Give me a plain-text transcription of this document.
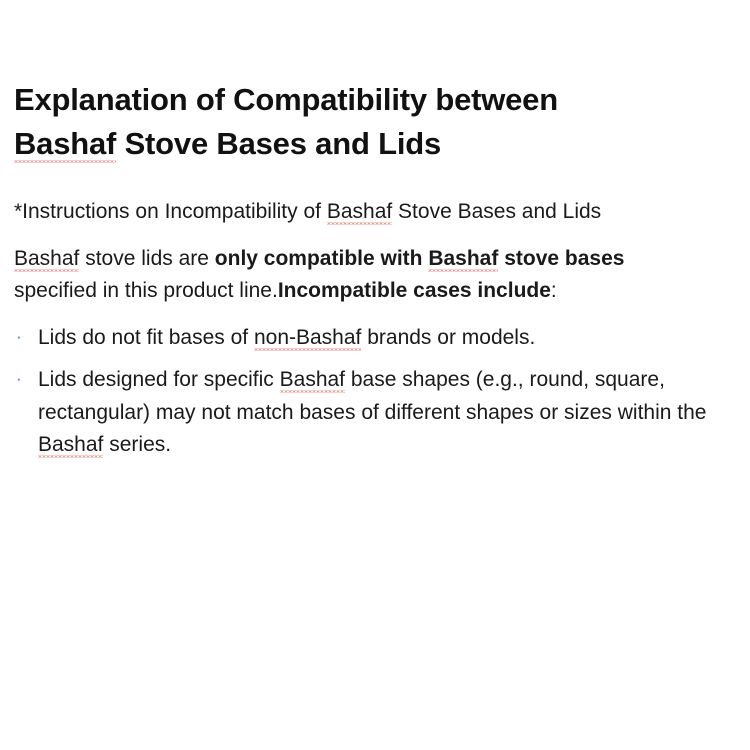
Explanation of Compatibility between
Bashaf Stove Bases and Lids

*Instructions on Incompatibility of Bashaf Stove Bases and Lids

Bashaf stove lids are only compatible with Bashaf stove bases specified in this product line.Incompatible cases include:

· Lids do not fit bases of non-Bashaf brands or models.
· Lids designed for specific Bashaf base shapes (e.g., round, square, rectangular) may not match bases of different shapes or sizes within the Bashaf series.
